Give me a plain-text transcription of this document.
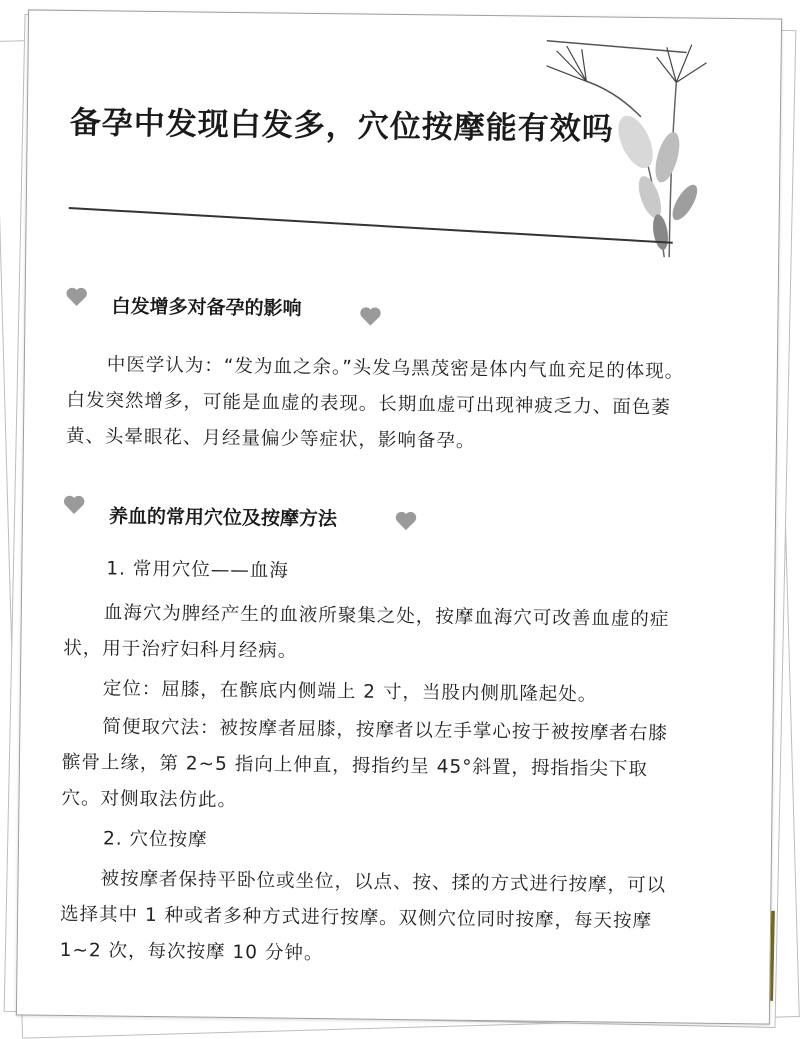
备孕中发现白发多，穴位按摩能有效吗
白发增多对备孕的影响

中医学认为：“发为血之余。”头发乌黑茂密是体内气血充足的体现。白发突然增多，可能是血虚的表现。长期血虚可出现神疲乏力、面色萎黄、头晕眼花、月经量偏少等症状，影响备孕。

养血的常用穴位及按摩方法

1. 常用穴位——血海

血海穴为脾经产生的血液所聚集之处，按摩血海穴可改善血虚的症状，用于治疗妇科月经病。

定位：屈膝，在髌底内侧端上 2 寸，当股内侧肌隆起处。

简便取穴法：被按摩者屈膝，按摩者以左手掌心按于被按摩者右膝髌骨上缘，第 2~5 指向上伸直，拇指约呈 45°斜置，拇指指尖下取穴。对侧取法仿此。

2. 穴位按摩

被按摩者保持平卧位或坐位，以点、按、揉的方式进行按摩，可以选择其中 1 种或者多种方式进行按摩。双侧穴位同时按摩，每天按摩 1~2 次，每次按摩 10 分钟。
